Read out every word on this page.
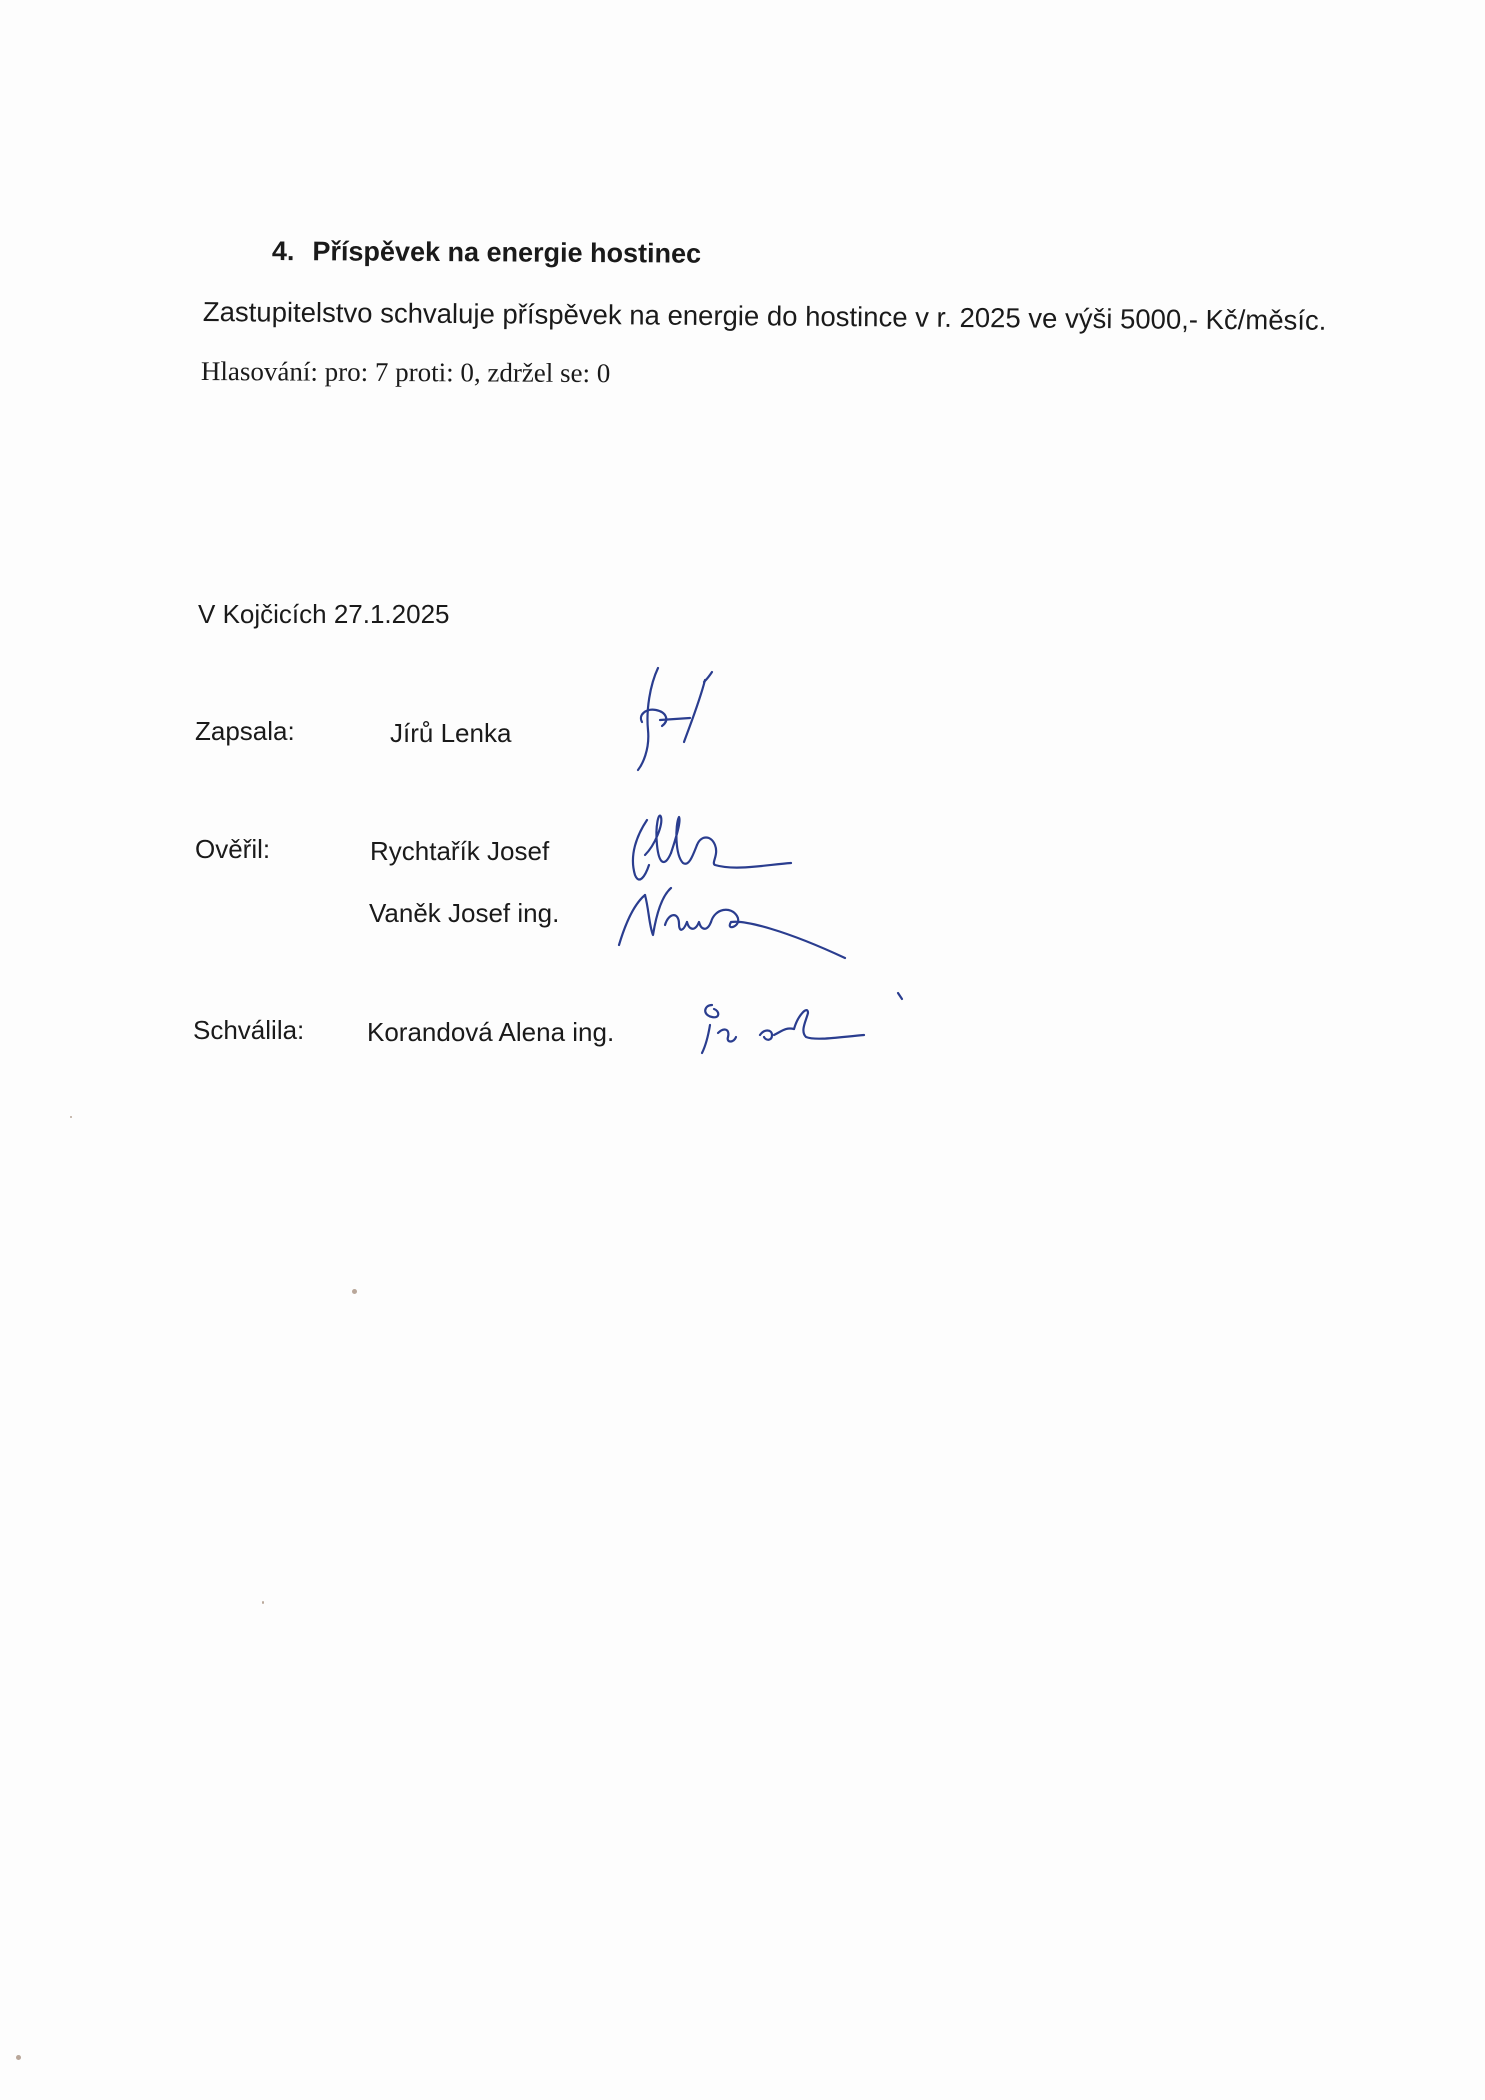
4. Příspěvek na energie hostinec
Zastupitelstvo schvaluje příspěvek na energie do hostince v r. 2025 ve výši 5000,- Kč/měsíc.
Hlasování: pro: 7 proti: 0, zdržel se: 0
V Kojčicích 27.1.2025
Zapsala:	Jírů Lenka
Ověřil:	Rychtařík Josef
Vaněk Josef ing.
Schválila: Korandová Alena ing.
